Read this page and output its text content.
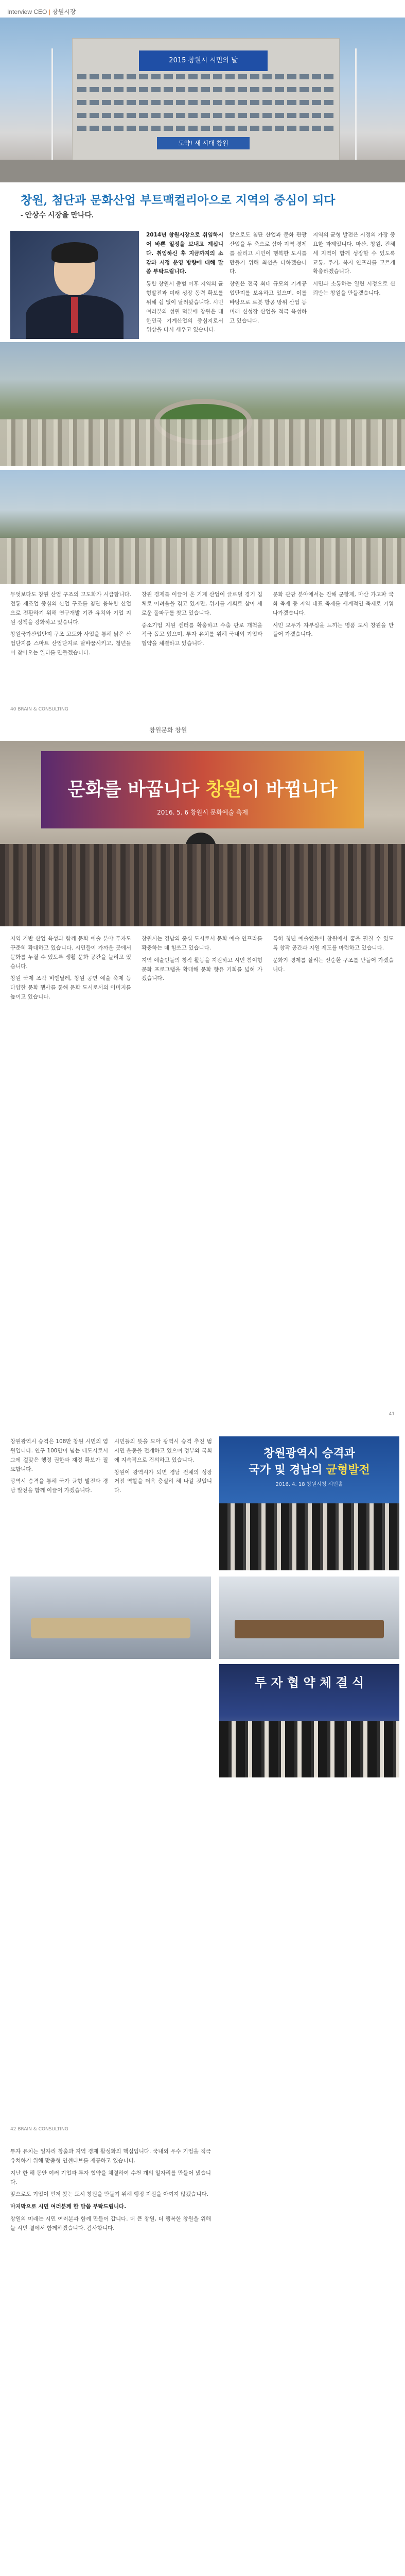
Interview CEO | 창원시장
2015 창원시 시민의 날
도약! 새 시대 창원
창원, 첨단과 문화산업 부트맥컬리아으로 지역의 중심이 되다
- 안상수 시장을 만나다.

2014년 창원시장으로 취임하시어 바쁜 일정을 보내고 계십니다. 취임하신 후 지금까지의 소감과 시정 운영 방향에 대해 말씀 부탁드립니다.

통합 창원시 출범 이후 지역의 균형발전과 미래 성장 동력 확보를 위해 쉼 없이 달려왔습니다. 시민 여러분의 성원 덕분에 창원은 대한민국 기계산업의 중심지로서 위상을 다시 세우고 있습니다.

앞으로도 첨단 산업과 문화 관광 산업을 두 축으로 삼아 지역 경제를 살리고 시민이 행복한 도시를 만들기 위해 최선을 다하겠습니다.

창원은 전국 최대 규모의 기계공업단지를 보유하고 있으며, 이를 바탕으로 로봇 항공 방위 산업 등 미래 신성장 산업을 적극 육성하고 있습니다.

지역의 균형 발전은 시정의 가장 중요한 과제입니다. 마산, 창원, 진해 세 지역이 함께 성장할 수 있도록 교통, 주거, 복지 인프라를 고르게 확충하겠습니다.

시민과 소통하는 열린 시정으로 신뢰받는 창원을 만들겠습니다.

무엇보다도 창원 산업 구조의 고도화가 시급합니다. 전통 제조업 중심의 산업 구조를 첨단 융복합 산업으로 전환하기 위해 연구개발 기관 유치와 기업 지원 정책을 강화하고 있습니다.

창원국가산업단지 구조 고도화 사업을 통해 낡은 산업단지를 스마트 산업단지로 탈바꿈시키고, 청년들이 찾아오는 일터를 만들겠습니다.

창원 경제를 이끌어 온 기계 산업이 글로벌 경기 침체로 어려움을 겪고 있지만, 위기를 기회로 삼아 새로운 돌파구를 찾고 있습니다.

중소기업 지원 센터를 확충하고 수출 판로 개척을 적극 돕고 있으며, 투자 유치를 위해 국내외 기업과 협약을 체결하고 있습니다.

문화 관광 분야에서는 진해 군항제, 마산 가고파 국화 축제 등 지역 대표 축제를 세계적인 축제로 키워 나가겠습니다.

시민 모두가 자부심을 느끼는 명품 도시 창원을 만들어 가겠습니다.

40 BRAIN & CONSULTING
창원문화 창원
문화를 바꿉니다 창원이 바뀝니다
2016. 5. 6 창원시 문화예술 축제

지역 기반 산업 육성과 함께 문화 예술 분야 투자도 꾸준히 확대하고 있습니다. 시민들이 가까운 곳에서 문화를 누릴 수 있도록 생활 문화 공간을 늘리고 있습니다.

창원 국제 조각 비엔날레, 창원 공연 예술 축제 등 다양한 문화 행사를 통해 문화 도시로서의 이미지를 높이고 있습니다.

창원시는 경남의 중심 도시로서 문화 예술 인프라를 확충하는 데 힘쓰고 있습니다.

지역 예술인들의 창작 활동을 지원하고 시민 참여형 문화 프로그램을 확대해 문화 향유 기회를 넓혀 가겠습니다.

특히 청년 예술인들이 창원에서 꿈을 펼칠 수 있도록 창작 공간과 지원 제도를 마련하고 있습니다.

문화가 경제를 살리는 선순환 구조를 만들어 가겠습니다.

41

창원광역시 승격은 108만 창원 시민의 염원입니다. 인구 100만이 넘는 대도시로서 그에 걸맞은 행정 권한과 재정 확보가 필요합니다.

광역시 승격을 통해 국가 균형 발전과 경남 발전을 함께 이끌어 가겠습니다.

시민들의 뜻을 모아 광역시 승격 추진 범시민 운동을 전개하고 있으며 정부와 국회에 지속적으로 건의하고 있습니다.

창원이 광역시가 되면 경남 전체의 성장 거점 역할을 더욱 충실히 해 나갈 것입니다.

창원광역시 승격과
국가 및 경남의 균형발전
2016. 4. 18 창원시청 시민홀
투 자 협 약 체 결 식
42 BRAIN & CONSULTING

투자 유치는 일자리 창출과 지역 경제 활성화의 핵심입니다. 국내외 우수 기업을 적극 유치하기 위해 맞춤형 인센티브를 제공하고 있습니다.

지난 한 해 동안 여러 기업과 투자 협약을 체결하여 수천 개의 일자리를 만들어 냈습니다.

앞으로도 기업이 먼저 찾는 도시 창원을 만들기 위해 행정 지원을 아끼지 않겠습니다.

마지막으로 시민 여러분께 한 말씀 부탁드립니다.

창원의 미래는 시민 여러분과 함께 만들어 갑니다. 더 큰 창원, 더 행복한 창원을 위해 늘 시민 곁에서 함께하겠습니다. 감사합니다.
